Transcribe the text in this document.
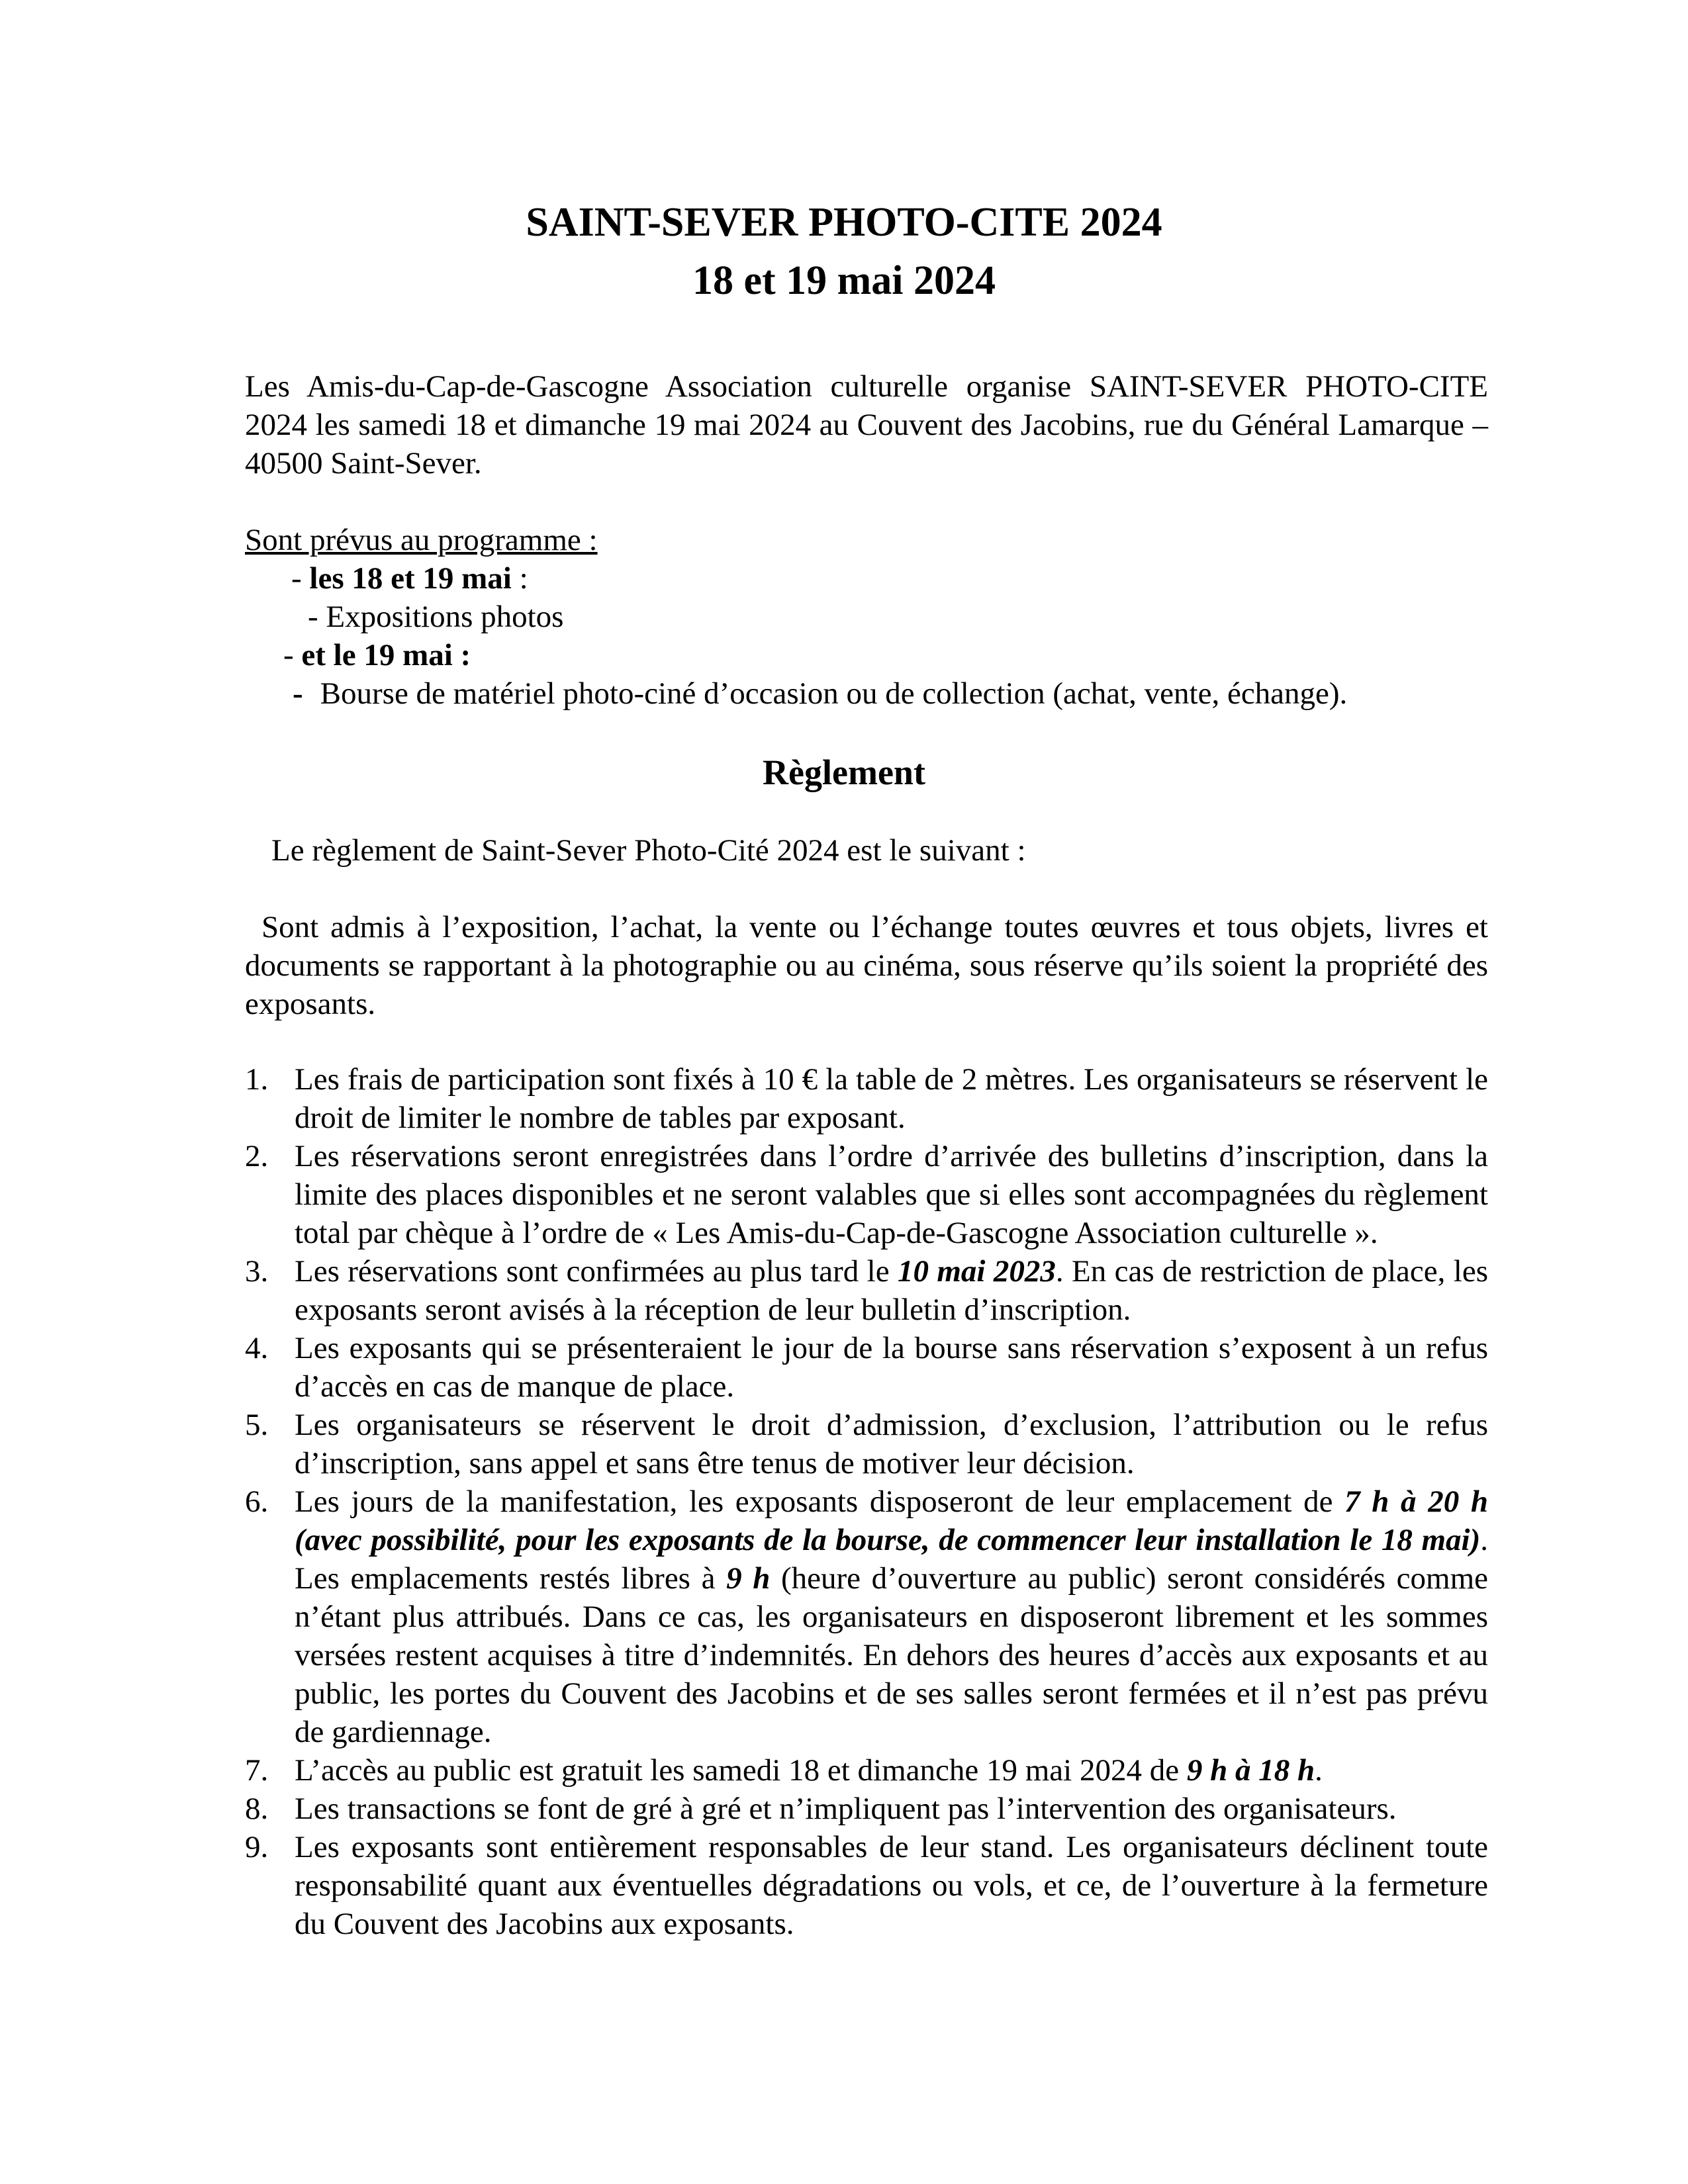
SAINT-SEVER PHOTO-CITE 2024
18 et 19 mai 2024
Les Amis-du-Cap-de-Gascogne Association culturelle organise SAINT-SEVER PHOTO-CITE 2024 les samedi 18 et dimanche 19 mai 2024 au Couvent des Jacobins, rue du Général Lamarque – 40500 Saint-Sever.
Sont prévus au programme :
- les 18 et 19 mai :
- Expositions photos
- et le 19 mai :
- Bourse de matériel photo-ciné d’occasion ou de collection (achat, vente, échange).
Règlement
Le règlement de Saint-Sever Photo-Cité 2024 est le suivant :
Sont admis à l’exposition, l’achat, la vente ou l’échange toutes œuvres et tous objets, livres et documents se rapportant à la photographie ou au cinéma, sous réserve qu’ils soient la propriété des exposants.
1. Les frais de participation sont fixés à 10 € la table de 2 mètres. Les organisateurs se réservent le droit de limiter le nombre de tables par exposant.
2. Les réservations seront enregistrées dans l’ordre d’arrivée des bulletins d’inscription, dans la limite des places disponibles et ne seront valables que si elles sont accompagnées du règlement total par chèque à l’ordre de « Les Amis-du-Cap-de-Gascogne Association culturelle ».
3. Les réservations sont confirmées au plus tard le 10 mai 2023. En cas de restriction de place, les exposants seront avisés à la réception de leur bulletin d’inscription.
4. Les exposants qui se présenteraient le jour de la bourse sans réservation s’exposent à un refus d’accès en cas de manque de place.
5. Les organisateurs se réservent le droit d’admission, d’exclusion, l’attribution ou le refus d’inscription, sans appel et sans être tenus de motiver leur décision.
6. Les jours de la manifestation, les exposants disposeront de leur emplacement de 7 h à 20 h (avec possibilité, pour les exposants de la bourse, de commencer leur installation le 18 mai). Les emplacements restés libres à 9 h (heure d’ouverture au public) seront considérés comme n’étant plus attribués. Dans ce cas, les organisateurs en disposeront librement et les sommes versées restent acquises à titre d’indemnités. En dehors des heures d’accès aux exposants et au public, les portes du Couvent des Jacobins et de ses salles seront fermées et il n’est pas prévu de gardiennage.
7. L’accès au public est gratuit les samedi 18 et dimanche 19 mai 2024 de 9 h à 18 h.
8. Les transactions se font de gré à gré et n’impliquent pas l’intervention des organisateurs.
9. Les exposants sont entièrement responsables de leur stand. Les organisateurs déclinent toute responsabilité quant aux éventuelles dégradations ou vols, et ce, de l’ouverture à la fermeture du Couvent des Jacobins aux exposants.
